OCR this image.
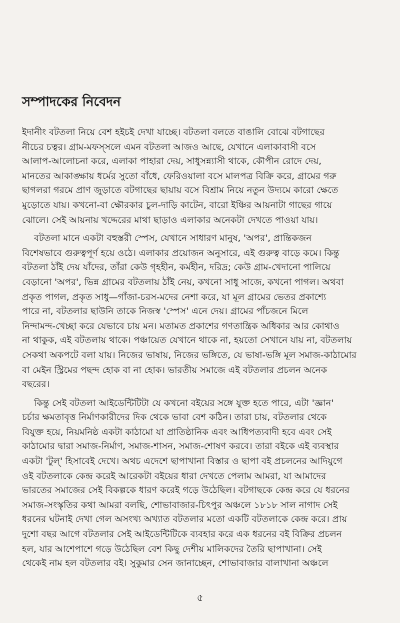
সম্পাদকের নিবেদন

ইদানীং বটতলা নিয়ে বেশ হইচই দেখা যাচ্ছে। বটতলা বলতে বাঙালি বোঝে বটগাছের
নীচের চত্বর। গ্রাম-মফস্সলে এমন বটতলা আজও আছে, যেখানে এলাকাবাসী বসে
আলাপ-আলোচনা করে, এলাকা পাহারা দেয়, সাধুসন্ন্যাসী থাকে, কৌপীন রোদে দেয়,
মানতের আকাঙ্ক্ষায় ধর্মের সুতো বাঁধে, ফেরিওয়ালা বসে মালপত্র বিক্রি করে, গ্রামের গরু
ছাগলরা গরমে প্রাণ জুড়াতে বটগাছের ছায়ায় বসে বিশ্রাম নিয়ে নতুন উদ্যমে কারো ক্ষেতে
মুড়োতে যায়। কখনো-বা ক্ষৌরকার চুল-দাড়ি কাটেন, বারো ইঞ্চির আয়নাটা গাছের গায়ে
ঝোলে। সেই আয়নায় খদ্দেরের মাথা ছাড়াও এলাকার অনেকটা দেখতে পাওয়া যায়।

বটতলা মানে একটা বহুস্তরী স্পেস, যেখানে সাধারণ মানুষ, 'অপর', প্রান্তিকজন
বিশেষভাবে গুরুত্বপূর্ণ হয়ে ওঠে। এলাকার প্রয়োজন অনুসারে, এই গুরুত্ব বাড়ে কমে। কিন্তু
বটতলা ঠাঁই দেয় যাঁদের, তাঁরা কেউ গৃহহীন, কর্মহীন, দরিদ্র; কেউ গ্রাম-খেদানো পালিয়ে
বেড়ানো 'অপর', ভিন্ন গ্রামের বটতলায় ঠাঁই নেয়, কখনো সাধু সাজে, কখনো পাগল। অথবা
প্রকৃত পাগল, প্রকৃত সাধু—গাঁজা-চরস-মদের নেশা করে, যা মূল গ্রামের ভেতর প্রকাশ্যে
পারে না, বটতলার ছাউনি তাকে নিজস্ব 'স্পেস' এনে দেয়। গ্রামের পাঁচজনে মিলে
নিন্দামন্দ-খেচ্ছা করে যেভাবে চায় মন। মতামত প্রকাশের গণতান্ত্রিক অধিকার আর কোথাও
না থাকুক, এই বটতলায় থাকে। পঞ্চায়েত যেখানে থাকে না, হয়তো সেখানে যায় না, বটতলায়
সেকথা অকপটে বলা যায়। নিজের ভাষায়, নিজের ভঙ্গিতে, যে ভাষা-ভঙ্গি মূল সমাজ-কাঠামোর
বা মেইন স্ট্রিমের পছন্দ হোক বা না হোক। ভারতীয় সমাজে এই বটতলার প্রচলন অনেক
বছরের।

কিন্তু সেই বটতলা আইডেন্টিটিটা যে কখনো বইয়ের সঙ্গে যুক্ত হতে পারে, এটা 'জ্ঞান'
চর্চার ক্ষমতাবৃত্ত নির্মাণকারীদের দিক থেকে ভাবা বেশ কঠিন। তারা চায়, বটতলার থেকে
বিযুক্ত হয়ে, নিয়মনিষ্ঠ একটা কাঠামো যা প্রাতিষ্ঠানিক এবং আধিপত্যবাদী হবে এবং সেই
কাঠামোর দ্বারা সমাজ-নির্মাণ, সমাজ-শাসন, সমাজ-শোষণ করবে। তারা বইকে এই ব্যবস্থার
একটা 'টুল্' হিসাবেই দেখে। অথচ এদেশে ছাপাখানা বিস্তার ও ছাপা বই প্রচলনের আদিযুগে
ওই বটতলাকে কেন্দ্র করেই আরেকটা বইয়ের ধারা দেখতে পেলাম আমরা, যা আমাদের
ভারতের সমাজের সেই বিকল্পকে ধারণ করেই গড়ে উঠেছিল। বটগাছকে কেন্দ্র করে যে ধরনের
সমাজ-সংস্কৃতির কথা আমরা বলছি, শোভাবাজার-চিৎপুর অঞ্চলে ১৮১৮ সাল নাগাদ সেই
ধরনের ঘটনাই দেখা গেল অসংখ্য অখ্যাত বটতলার মতো একটি বটতলাকে কেন্দ্র করে। প্রায়
দুশো বছর আগে বটতলার সেই আইডেন্টিটিকে ব্যবহার করে এক ধরনের বই বিক্রির প্রচলন
হল, যার আশেপাশে গড়ে উঠেছিল বেশ কিছু দেশীয় মালিকদের তৈরি ছাপাখানা। সেই
থেকেই নাম হল বটতলার বই। সুকুমার সেন জানাচ্ছেন, শোভাবাজার বালাখানা অঞ্চলে

৫
